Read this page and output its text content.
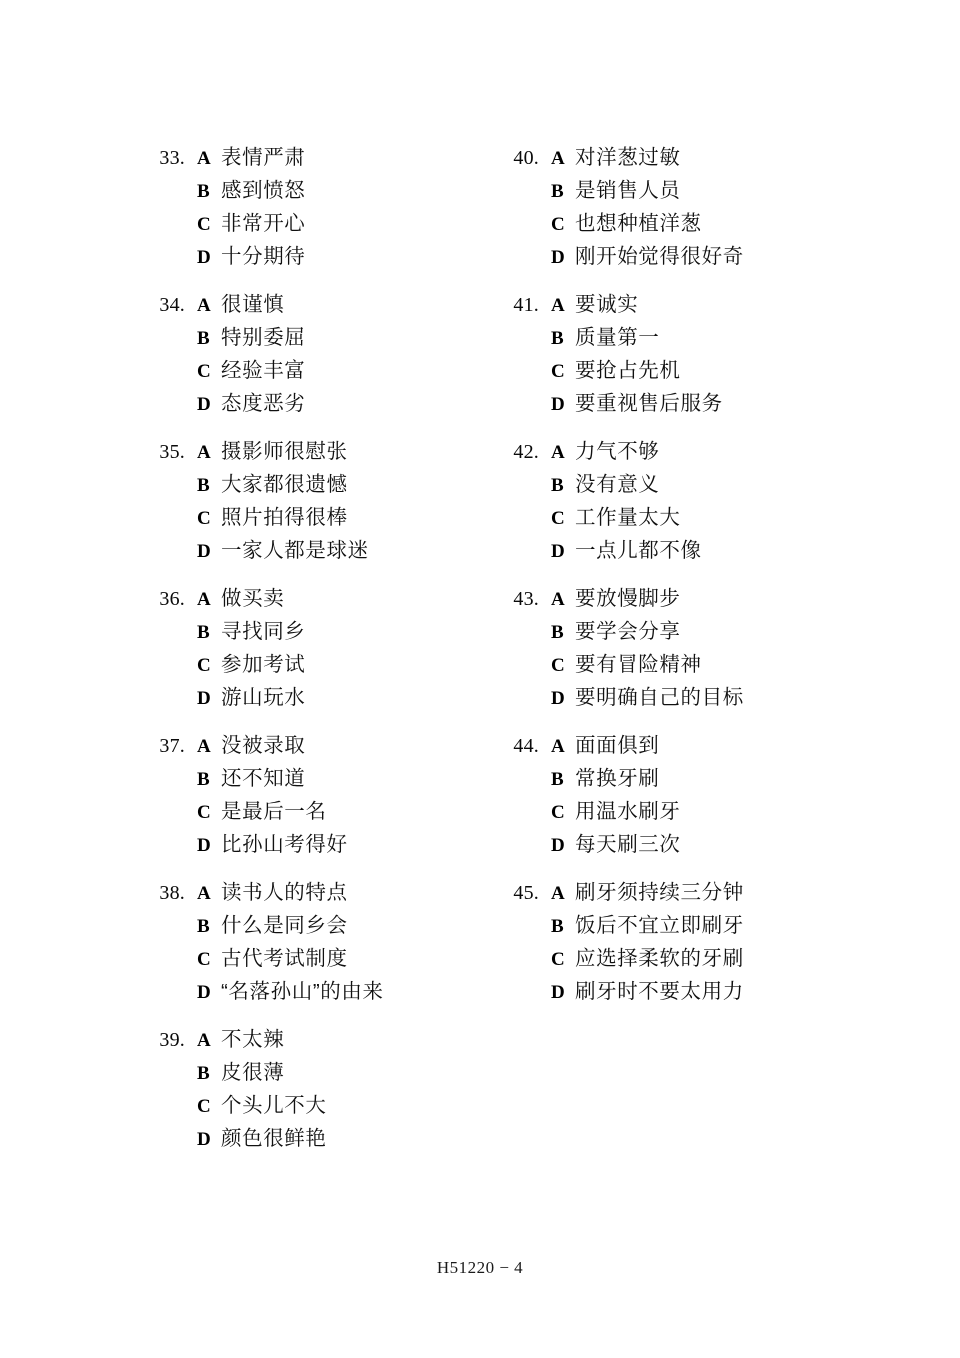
33. A 表情严肃
B 感到愤怒
C 非常开心
D 十分期待
34. A 很谨慎
B 特别委屈
C 经验丰富
D 态度恶劣
35. A 摄影师很慰张
B 大家都很遗憾
C 照片拍得很棒
D 一家人都是球迷
36. A 做买卖
B 寻找同乡
C 参加考试
D 游山玩水
37. A 没被录取
B 还不知道
C 是最后一名
D 比孙山考得好
38. A 读书人的特点
B 什么是同乡会
C 古代考试制度
D “名落孙山”的由来
39. A 不太辣
B 皮很薄
C 个头儿不大
D 颜色很鲜艳
40. A 对洋葱过敏
B 是销售人员
C 也想种植洋葱
D 刚开始觉得很好奇
41. A 要诚实
B 质量第一
C 要抢占先机
D 要重视售后服务
42. A 力气不够
B 没有意义
C 工作量太大
D 一点儿都不像
43. A 要放慢脚步
B 要学会分享
C 要有冒险精神
D 要明确自己的目标
44. A 面面俱到
B 常换牙刷
C 用温水刷牙
D 每天刷三次
45. A 刷牙须持续三分钟
B 饭后不宜立即刷牙
C 应选择柔软的牙刷
D 刷牙时不要太用力
H51220 − 4
